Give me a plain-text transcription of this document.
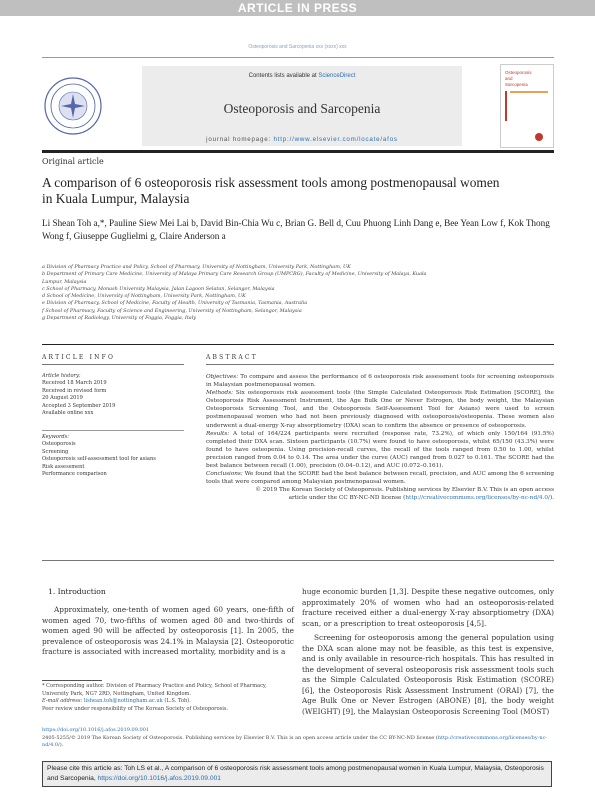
ARTICLE IN PRESS
Osteoporosis and Sarcopenia xxx (xxxx) xxx
Contents lists available at ScienceDirect
Osteoporosis and Sarcopenia
journal homepage: http://www.elsevier.com/locate/afos
Osteoporosis
and
Sarcopenia
Original article
A comparison of 6 osteoporosis risk assessment tools among postmenopausal women in Kuala Lumpur, Malaysia
Li Shean Toh a,*, Pauline Siew Mei Lai b, David Bin-Chia Wu c, Brian G. Bell d, Cuu Phuong Linh Dang e, Bee Yean Low f, Kok Thong Wong f, Giuseppe Guglielmi g, Claire Anderson a
a Division of Pharmacy Practice and Policy, School of Pharmacy, University of Nottingham, University Park, Nottingham, UK
b Department of Primary Care Medicine, University of Malaya Primary Care Research Group (UMPCRG), Faculty of Medicine, University of Malaya, Kuala
Lumpur, Malaysia
c School of Pharmacy, Monash University Malaysia, Jalan Lagoon Selatan, Selangor, Malaysia
d School of Medicine, University of Nottingham, University Park, Nottingham, UK
e Division of Pharmacy, School of Medicine, Faculty of Health, University of Tasmania, Tasmania, Australia
f School of Pharmacy, Faculty of Science and Engineering, University of Nottingham, Selangor, Malaysia
g Department of Radiology, University of Foggia, Foggia, Italy
ARTICLE INFO	ABSTRACT
Article history:
Received 18 March 2019
Received in revised form
20 August 2019
Accepted 3 September 2019
Available online xxx
Keywords:
Osteoporosis
Screening
Osteoporosis self-assessment tool for asians
Risk assessment
Performance comparison

Objectives: To compare and assess the performance of 6 osteoporosis risk assessment tools for screening osteoporosis in Malaysian postmenopausal women.

Methods: Six osteoporosis risk assessment tools (the Simple Calculated Osteoporosis Risk Estimation [SCORE], the Osteoporosis Risk Assessment Instrument, the Age Bulk One or Never Estrogen, the body weight, the Malaysian Osteoporosis Screening Tool, and the Osteoporosis Self-Assessment Tool for Asians) were used to screen postmenopausal women who had not been previously diagnosed with osteoporosis/osteopenia. These women also underwent a dual-energy X-ray absorptiometry (DXA) scan to confirm the absence or presence of osteoporosis.

Results: A total of 164/224 participants were recruited (response rate, 73.2%), of which only 150/164 (91.5%) completed their DXA scan. Sixteen participants (10.7%) were found to have osteoporosis, whilst 65/150 (43.3%) were found to have osteopenia. Using precision-recall curves, the recall of the tools ranged from 0.50 to 1.00, whilst precision ranged from 0.04 to 0.14. The area under the curve (AUC) ranged from 0.027 to 0.161. The SCORE had the best balance between recall (1.00), precision (0.04–0.12), and AUC (0.072–0.161).

Conclusions: We found that the SCORE had the best balance between recall, precision, and AUC among the 6 screening tools that were compared among Malaysian postmenopausal women.

© 2019 The Korean Society of Osteoporosis. Publishing services by Elsevier B.V. This is an open access
article under the CC BY-NC-ND license (http://creativecommons.org/licenses/by-nc-nd/4.0/).

1. Introduction

Approximately, one-tenth of women aged 60 years, one-fifth of women aged 70, two-fifths of women aged 80 and two-thirds of women aged 90 will be affected by osteoporosis [1]. In 2005, the prevalence of osteoporosis was 24.1% in Malaysia [2]. Osteoporotic fracture is associated with increased mortality, morbidity and is a

huge economic burden [1,3]. Despite these negative outcomes, only approximately 20% of women who had an osteoporosis-related fracture received either a dual-energy X-ray absorptiometry (DXA) scan, or a prescription to treat osteoporosis [4,5].

Screening for osteoporosis among the general population using the DXA scan alone may not be feasible, as this test is expensive, and is only available in resource-rich hospitals. This has resulted in the development of several osteoporosis risk assessment tools such as the Simple Calculated Osteoporosis Risk Estimation (SCORE) [6], the Osteoporosis Risk Assessment Instrument (ORAI) [7], the Age Bulk One or Never Estrogen (ABONE) [8], the body weight (WEIGHT) [9], the Malaysian Osteoporosis Screening Tool (MOST)

* Corresponding author. Division of Pharmacy Practice and Policy, School of Pharmacy, University Park, NG7 2RD, Nottingham, United Kingdom.
E-mail address: lishean.toh@nottingham.ac.uk (L.S. Toh).
Peer review under responsibility of The Korean Society of Osteoporosis.
https://doi.org/10.1016/j.afos.2019.09.001
2405-5255/© 2019 The Korean Society of Osteoporosis. Publishing services by Elsevier B.V. This is an open access article under the CC BY-NC-ND license (http://creativecommons.org/licenses/by-nc-nd/4.0/).
Please cite this article as: Toh LS et al., A comparison of 6 osteoporosis risk assessment tools among postmenopausal women in Kuala Lumpur, Malaysia, Osteoporosis and Sarcopenia, https://doi.org/10.1016/j.afos.2019.09.001
